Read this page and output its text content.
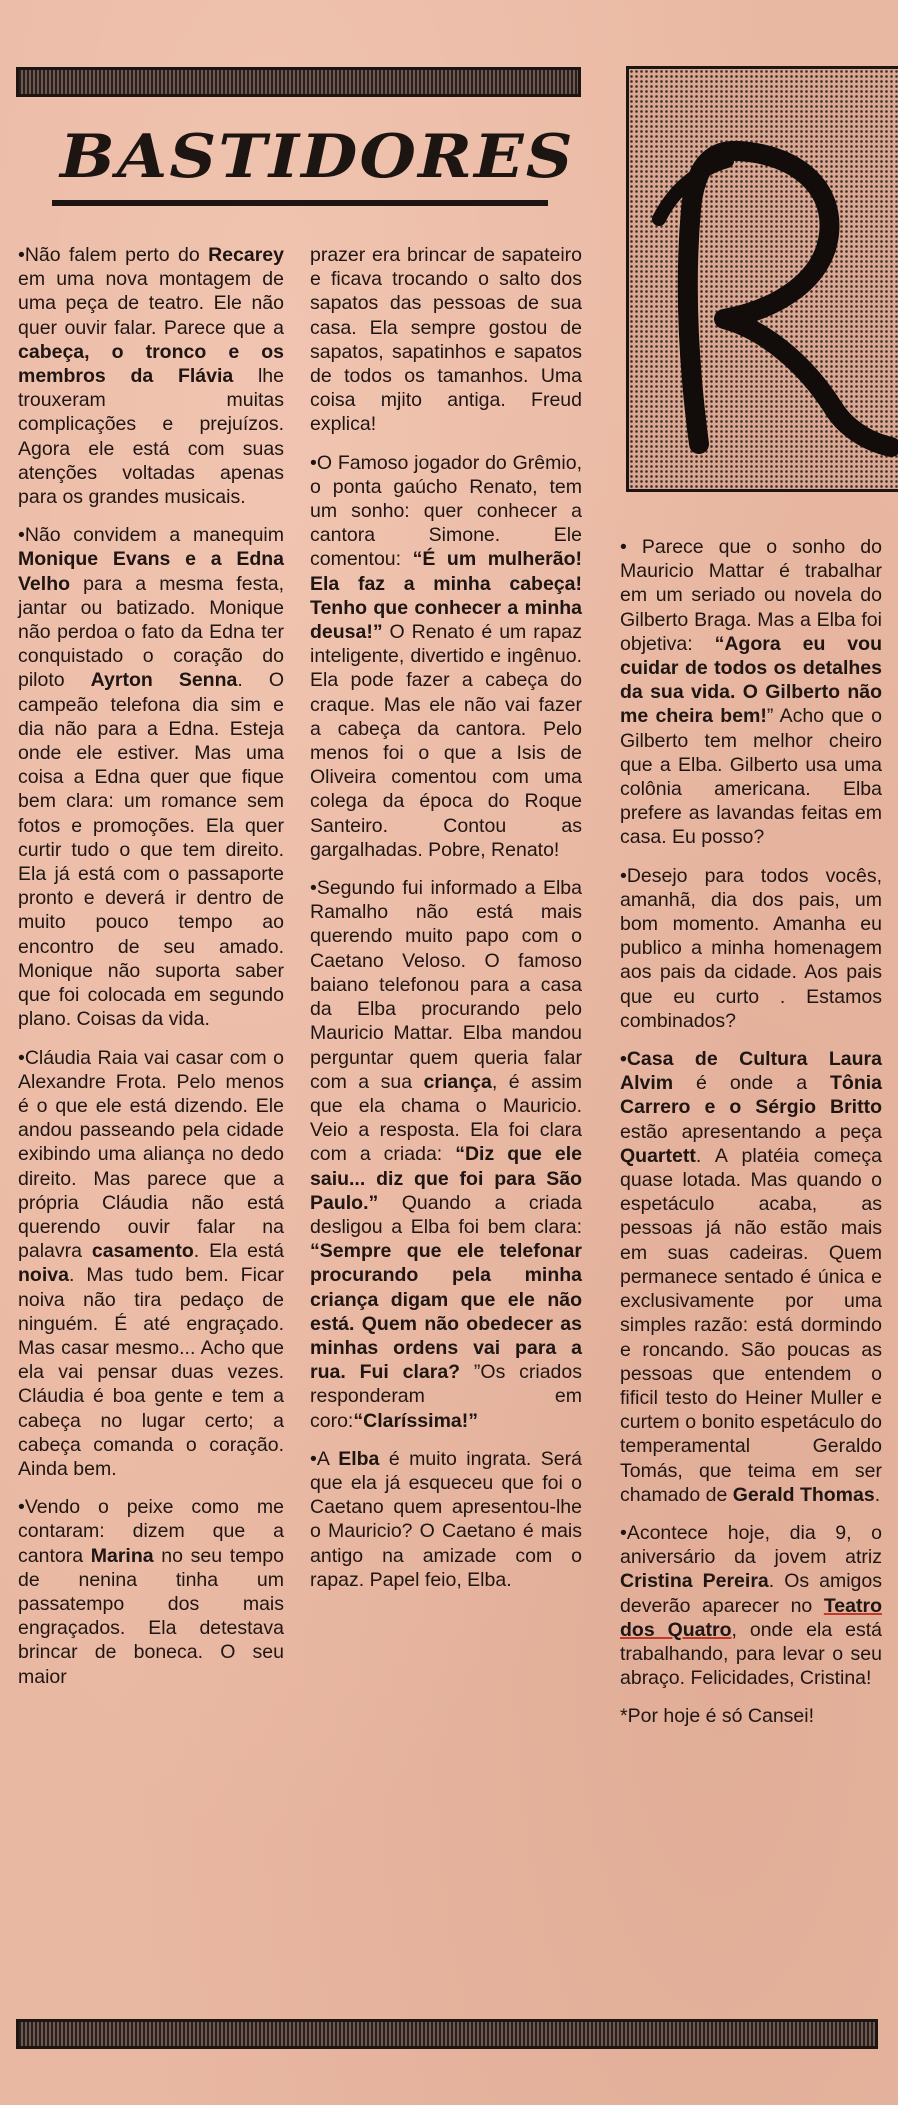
BASTIDORES

•Não falem perto do Recarey em uma nova montagem de uma peça de teatro. Ele não quer ouvir falar. Parece que a cabeça, o tronco e os membros da Flávia lhe trouxeram muitas complicações e prejuízos. Agora ele está com suas atenções voltadas apenas para os grandes musicais.

•Não convidem a manequim Monique Evans e a Edna Velho para a mesma festa, jantar ou batizado. Monique não perdoa o fato da Edna ter conquistado o coração do piloto Ayrton Senna. O campeão telefona dia sim e dia não para a Edna. Esteja onde ele estiver. Mas uma coisa a Edna quer que fique bem clara: um romance sem fotos e promoções. Ela quer curtir tudo o que tem direito. Ela já está com o passaporte pronto e deverá ir dentro de muito pouco tempo ao encontro de seu amado. Monique não suporta saber que foi colocada em segundo plano. Coisas da vida.

•Cláudia Raia vai casar com o Alexandre Frota. Pelo menos é o que ele está dizendo. Ele andou passeando pela cidade exibindo uma aliança no dedo direito. Mas parece que a própria Cláudia não está querendo ouvir falar na palavra casamento. Ela está noiva. Mas tudo bem. Ficar noiva não tira pedaço de ninguém. É até engraçado. Mas casar mesmo... Acho que ela vai pensar duas vezes. Cláudia é boa gente e tem a cabeça no lugar certo; a cabeça comanda o coração. Ainda bem.

•Vendo o peixe como me contaram: dizem que a cantora Marina no seu tempo de nenina tinha um passatempo dos mais engraçados. Ela detestava brincar de boneca. O seu maior

prazer era brincar de sapateiro e ficava trocando o salto dos sapatos das pessoas de sua casa. Ela sempre gostou de sapatos, sapatinhos e sapatos de todos os tamanhos. Uma coisa mjito antiga. Freud explica!

•O Famoso jogador do Grêmio, o ponta gaúcho Renato, tem um sonho: quer conhecer a cantora Simone. Ele comentou: “É um mulherão! Ela faz a minha cabeça! Tenho que conhecer a minha deusa!” O Renato é um rapaz inteligente, divertido e ingênuo. Ela pode fazer a cabeça do craque. Mas ele não vai fazer a cabeça da cantora. Pelo menos foi o que a Isis de Oliveira comentou com uma colega da época do Roque Santeiro. Contou as gargalhadas. Pobre, Renato!

•Segundo fui informado a Elba Ramalho não está mais querendo muito papo com o Caetano Veloso. O famoso baiano telefonou para a casa da Elba procurando pelo Mauricio Mattar. Elba mandou perguntar quem queria falar com a sua criança, é assim que ela chama o Mauricio. Veio a resposta. Ela foi clara com a criada: “Diz que ele saiu... diz que foi para São Paulo.” Quando a criada desligou a Elba foi bem clara: “Sempre que ele telefonar procurando pela minha criança digam que ele não está. Quem não obedecer as minhas ordens vai para a rua. Fui clara? ”Os criados responderam em coro:“Claríssima!”

•A Elba é muito ingrata. Será que ela já esqueceu que foi o Caetano quem apresentou-lhe o Mauricio? O Caetano é mais antigo na amizade com o rapaz. Papel feio, Elba.

• Parece que o sonho do Mauricio Mattar é trabalhar em um seriado ou novela do Gilberto Braga. Mas a Elba foi objetiva: “Agora eu vou cuidar de todos os detalhes da sua vida. O Gilberto não me cheira bem!” Acho que o Gilberto tem melhor cheiro que a Elba. Gilberto usa uma colônia americana. Elba prefere as lavandas feitas em casa. Eu posso?

•Desejo para todos vocês, amanhã, dia dos pais, um bom momento. Amanha eu publico a minha homenagem aos pais da cidade. Aos pais que eu curto . Estamos combinados?

•Casa de Cultura Laura Alvim é onde a Tônia Carrero e o Sérgio Britto estão apresentando a peça Quartett. A platéia começa quase lotada. Mas quando o espetáculo acaba, as pessoas já não estão mais em suas cadeiras. Quem permanece sentado é única e exclusivamente por uma simples razão: está dormindo e roncando. São poucas as pessoas que entendem o fificil testo do Heiner Muller e curtem o bonito espetáculo do temperamental Geraldo Tomás, que teima em ser chamado de Gerald Thomas.

•Acontece hoje, dia 9, o aniversário da jovem atriz Cristina Pereira. Os amigos deverão aparecer no Teatro dos Quatro, onde ela está trabalhando, para levar o seu abraço. Felicidades, Cristina!

*Por hoje é só Cansei!
